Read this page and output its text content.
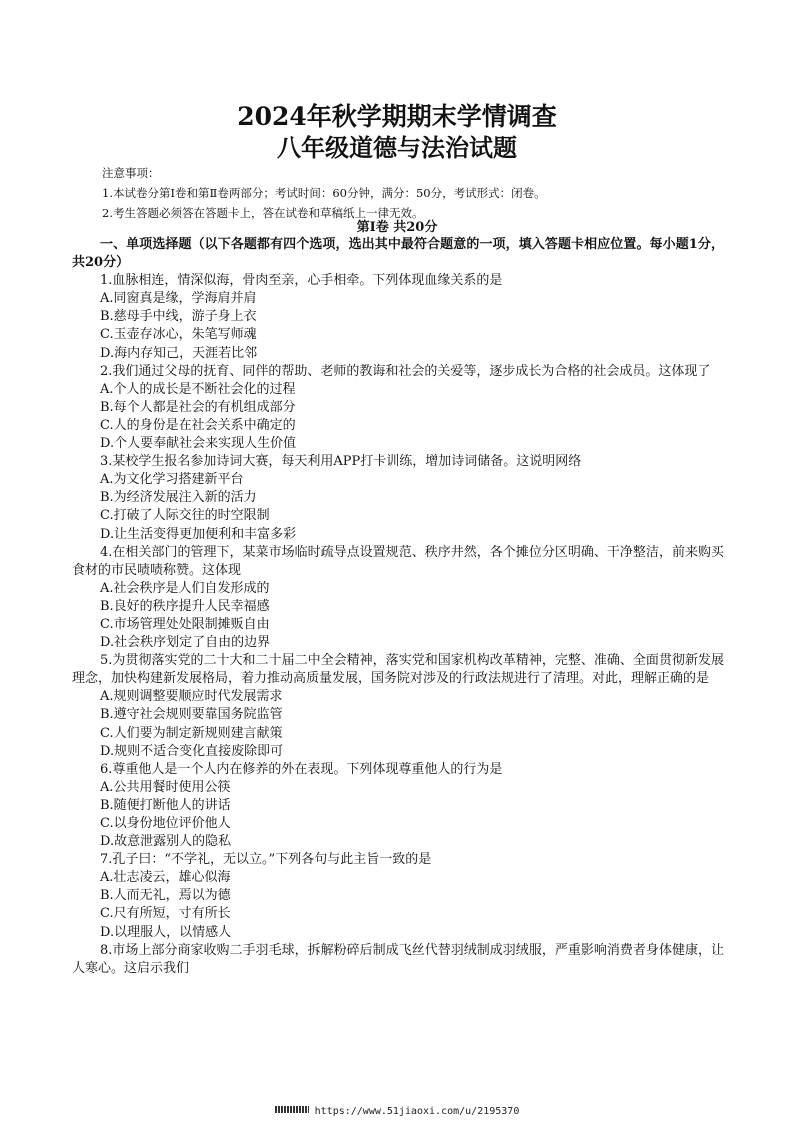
2024年秋学期期末学情调查
八年级道德与法治试题
注意事项：
1.本试卷分第Ⅰ卷和第Ⅱ卷两部分；考试时间：60分钟，满分：50分，考试形式：闭卷。
2.考生答题必须答在答题卡上，答在试卷和草稿纸上一律无效。
第Ⅰ卷 共20分
一、单项选择题（以下各题都有四个选项，选出其中最符合题意的一项，填入答题卡相应位置。每小题1分，共20分）
1.血脉相连，情深似海，骨肉至亲，心手相牵。下列体现血缘关系的是
A.同窗真是缘，学海肩并肩
B.慈母手中线，游子身上衣
C.玉壶存冰心，朱笔写师魂
D.海内存知己，天涯若比邻
2.我们通过父母的抚育、同伴的帮助、老师的教诲和社会的关爱等，逐步成长为合格的社会成员。这体现了
A.个人的成长是不断社会化的过程
B.每个人都是社会的有机组成部分
C.人的身份是在社会关系中确定的
D.个人要奉献社会来实现人生价值
3.某校学生报名参加诗词大赛，每天利用APP打卡训练，增加诗词储备。这说明网络
A.为文化学习搭建新平台
B.为经济发展注入新的活力
C.打破了人际交往的时空限制
D.让生活变得更加便利和丰富多彩
4.在相关部门的管理下，某菜市场临时疏导点设置规范、秩序井然，各个摊位分区明确、干净整洁，前来购买食材的市民啧啧称赞。这体现
A.社会秩序是人们自发形成的
B.良好的秩序提升人民幸福感
C.市场管理处处限制摊贩自由
D.社会秩序划定了自由的边界
5.为贯彻落实党的二十大和二十届二中全会精神，落实党和国家机构改革精神，完整、准确、全面贯彻新发展理念，加快构建新发展格局，着力推动高质量发展，国务院对涉及的行政法规进行了清理。对此，理解正确的是
A.规则调整要顺应时代发展需求
B.遵守社会规则要靠国务院监管
C.人们要为制定新规则建言献策
D.规则不适合变化直接废除即可
6.尊重他人是一个人内在修养的外在表现。下列体现尊重他人的行为是
A.公共用餐时使用公筷
B.随便打断他人的讲话
C.以身份地位评价他人
D.故意泄露别人的隐私
7.孔子曰：“不学礼，无以立。”下列各句与此主旨一致的是
A.壮志凌云，雄心似海
B.人而无礼，焉以为德
C.尺有所短，寸有所长
D.以理服人，以情感人
8.市场上部分商家收购二手羽毛球，拆解粉碎后制成飞丝代替羽绒制成羽绒服，严重影响消费者身体健康，让人寒心。这启示我们
https://www.51jiaoxi.com/u/2195370
